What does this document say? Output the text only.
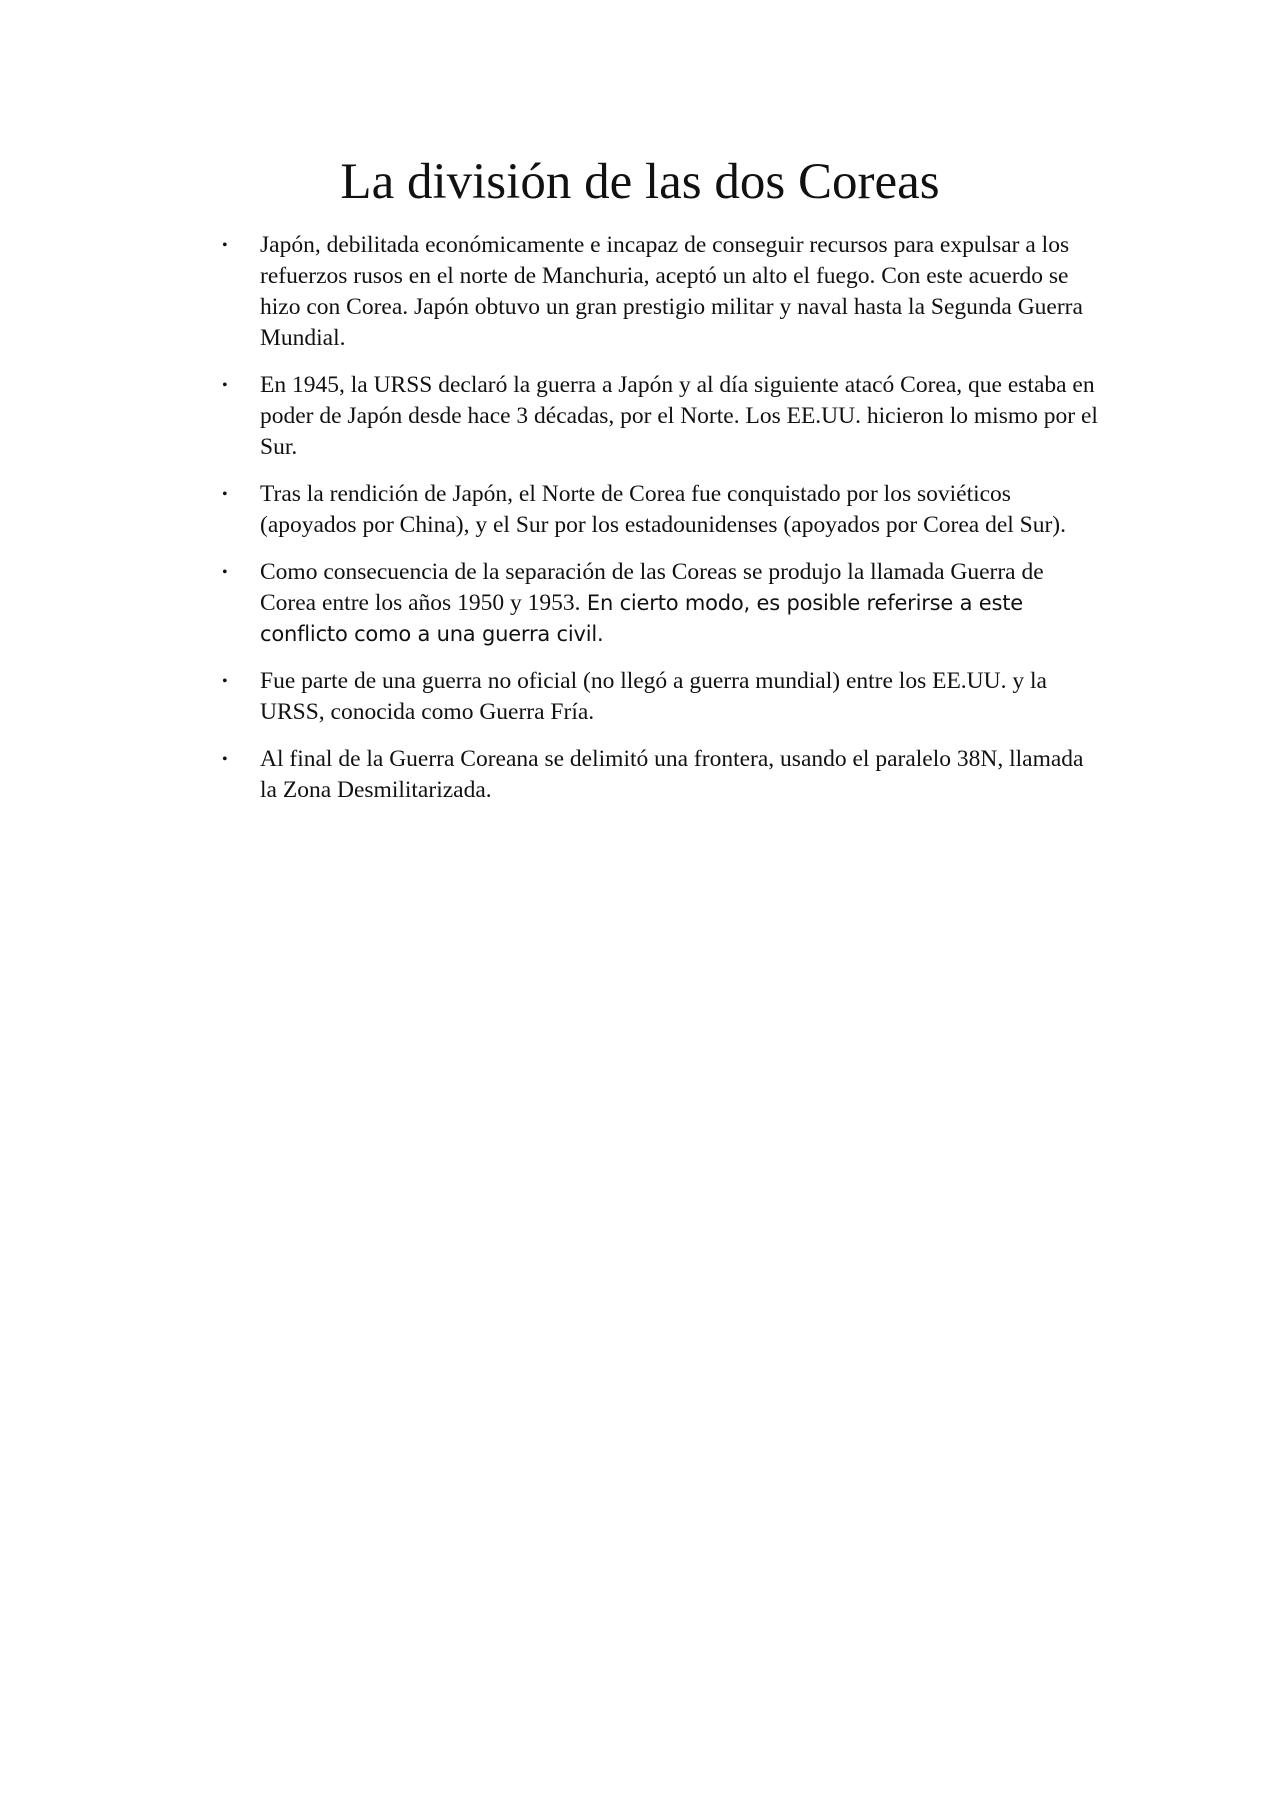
La división de las dos Coreas
• Japón, debilitada económicamente e incapaz de conseguir recursos para expulsar a los refuerzos rusos en el norte de Manchuria, aceptó un alto el fuego. Con este acuerdo se hizo con Corea. Japón obtuvo un gran prestigio militar y naval hasta la Segunda Guerra Mundial.
• En 1945, la URSS declaró la guerra a Japón y al día siguiente atacó Corea, que estaba en poder de Japón desde hace 3 décadas, por el Norte. Los EE.UU. hicieron lo mismo por el Sur.
• Tras la rendición de Japón, el Norte de Corea fue conquistado por los soviéticos (apoyados por China), y el Sur por los estadounidenses (apoyados por Corea del Sur).
• Como consecuencia de la separación de las Coreas se produjo la llamada Guerra de Corea entre los años 1950 y 1953. En cierto modo, es posible referirse a este conflicto como a una guerra civil.
• Fue parte de una guerra no oficial (no llegó a guerra mundial) entre los EE.UU. y la URSS, conocida como Guerra Fría.
• Al final de la Guerra Coreana se delimitó una frontera, usando el paralelo 38N, llamada la Zona Desmilitarizada.
